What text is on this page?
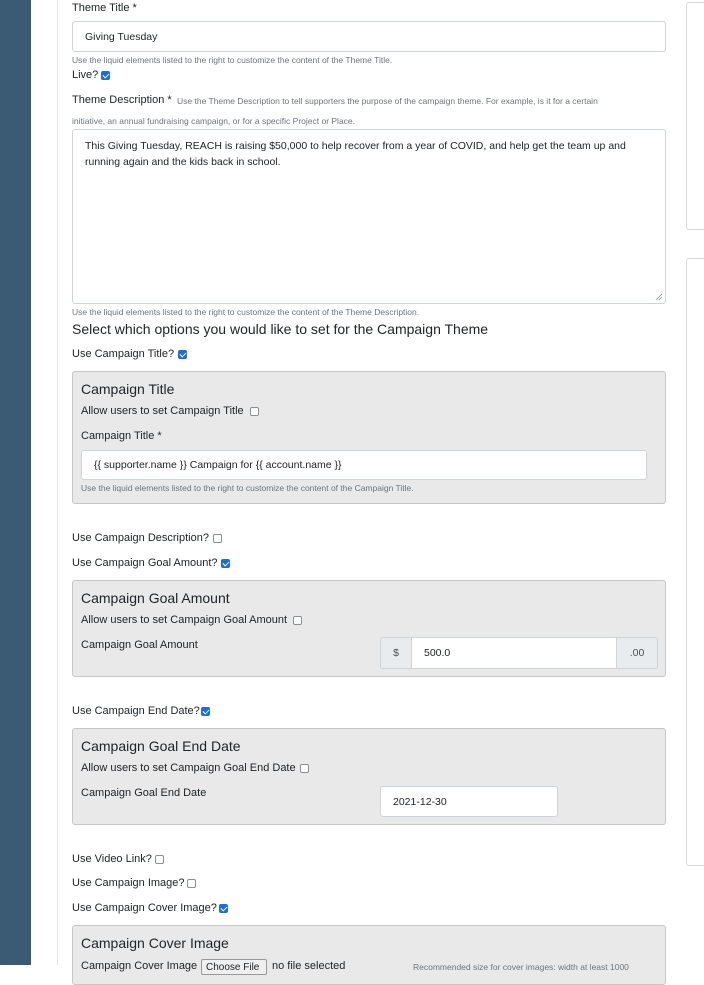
Theme Title *
Giving Tuesday
Use the liquid elements listed to the right to customize the content of the Theme Title.
Live?
Theme Description * Use the Theme Description to tell supporters the purpose of the campaign theme. For example, is it for a certain
initiative, an annual fundraising campaign, or for a specific Project or Place.
This Giving Tuesday, REACH is raising $50,000 to help recover from a year of COVID, and help get the team up and running again and the kids back in school.
Use the liquid elements listed to the right to customize the content of the Theme Description.
Select which options you would like to set for the Campaign Theme
Use Campaign Title?
Campaign Title
Allow users to set Campaign Title
Campaign Title *
{{ supporter.name }} Campaign for {{ account.name }}
Use the liquid elements listed to the right to customize the content of the Campaign Title.
Use Campaign Description?
Use Campaign Goal Amount?
Campaign Goal Amount
Allow users to set Campaign Goal Amount
Campaign Goal Amount
$	500.0	.00
Use Campaign End Date?
Campaign Goal End Date
Allow users to set Campaign Goal End Date
Campaign Goal End Date
2021-12-30
Use Video Link?
Use Campaign Image?
Use Campaign Cover Image?
Campaign Cover Image
Campaign Cover Image Choose File	no file selected	Recommended size for cover images: width at least 1000
